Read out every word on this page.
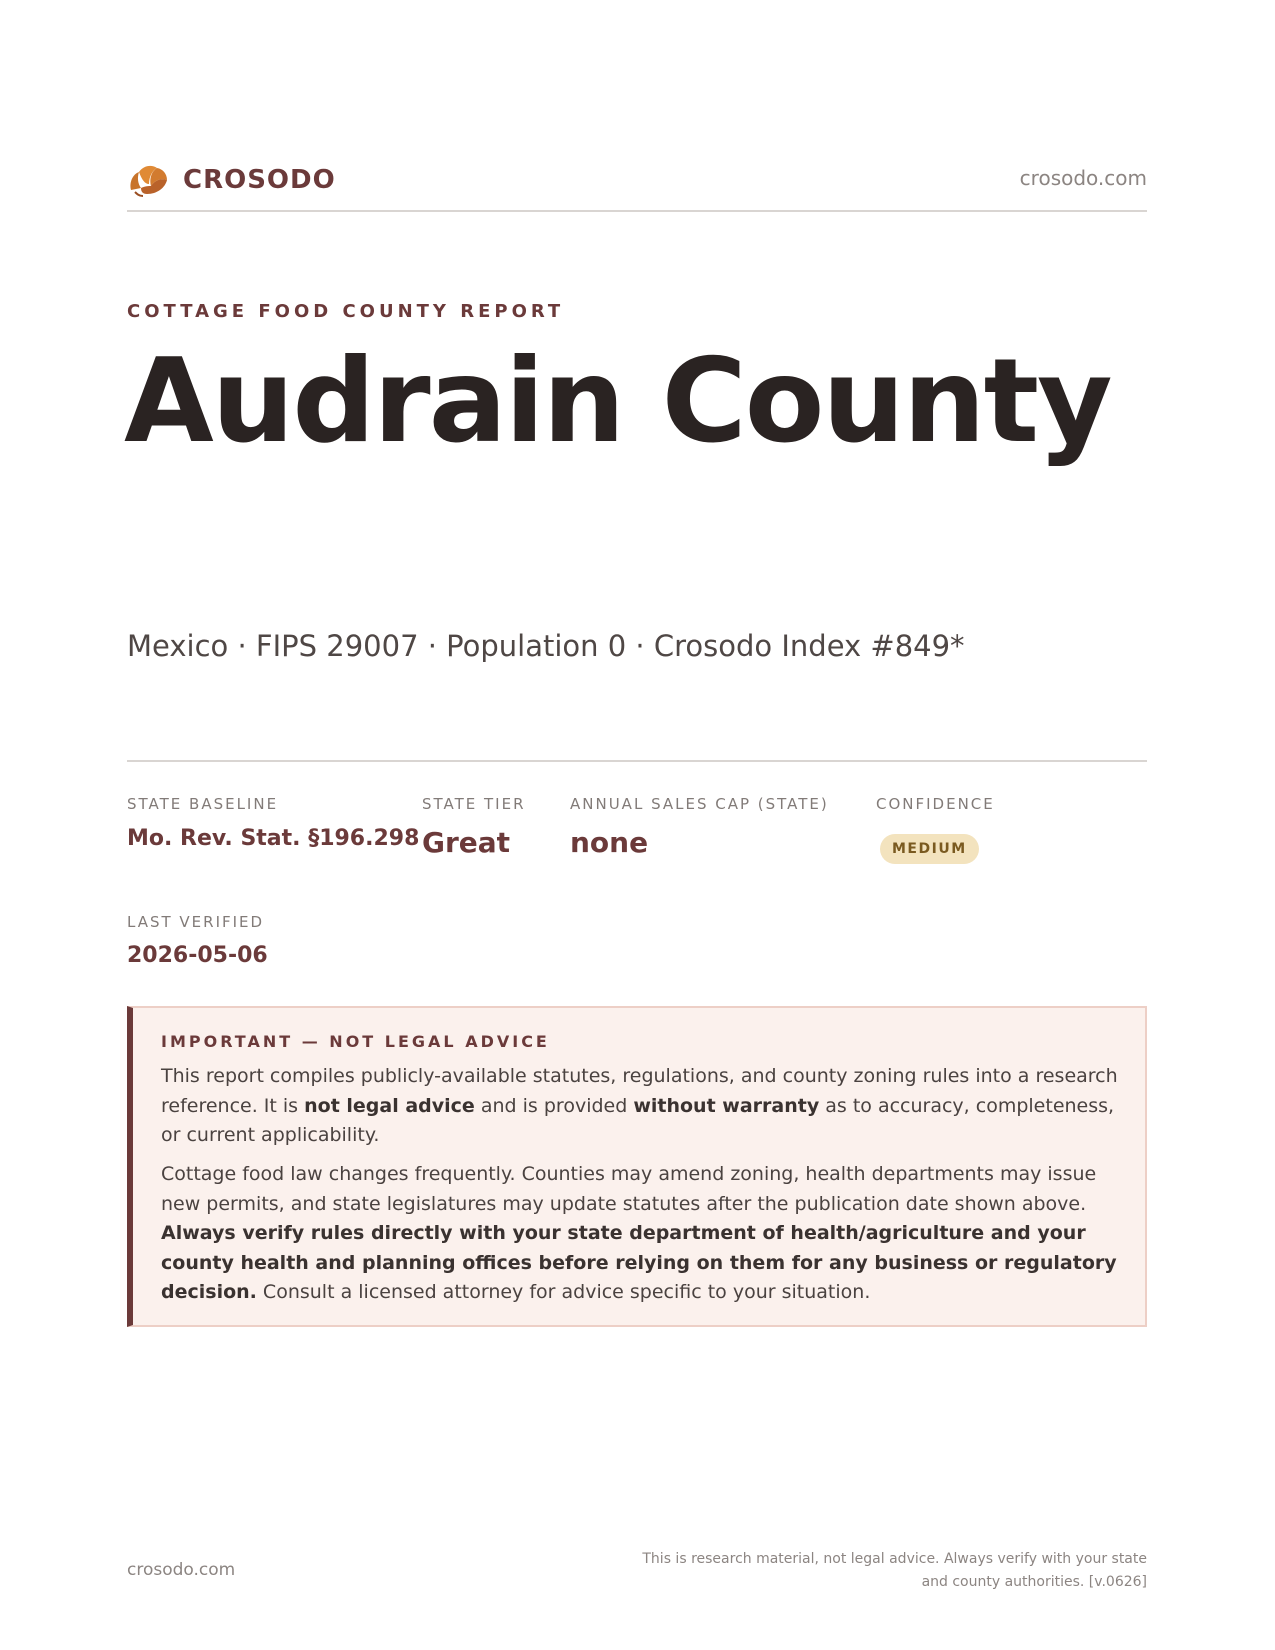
CROSODO	crosodo.com
COTTAGE FOOD COUNTY REPORT
Audrain County
Mexico · FIPS 29007 · Population 0 · Crosodo Index #849*
STATE BASELINE
Mo. Rev. Stat. §196.298
STATE TIER
Great
ANNUAL SALES CAP (STATE)
none
CONFIDENCE
MEDIUM
LAST VERIFIED
2026-05-06
IMPORTANT — NOT LEGAL ADVICE

This report compiles publicly-available statutes, regulations, and county zoning rules into a research reference. It is not legal advice and is provided without warranty as to accuracy, completeness, or current applicability.

Cottage food law changes frequently. Counties may amend zoning, health departments may issue new permits, and state legislatures may update statutes after the publication date shown above. Always verify rules directly with your state department of health/agriculture and your county health and planning offices before relying on them for any business or regulatory decision. Consult a licensed attorney for advice specific to your situation.

crosodo.com
This is research material, not legal advice. Always verify with your state
and county authorities. [v.0626]
